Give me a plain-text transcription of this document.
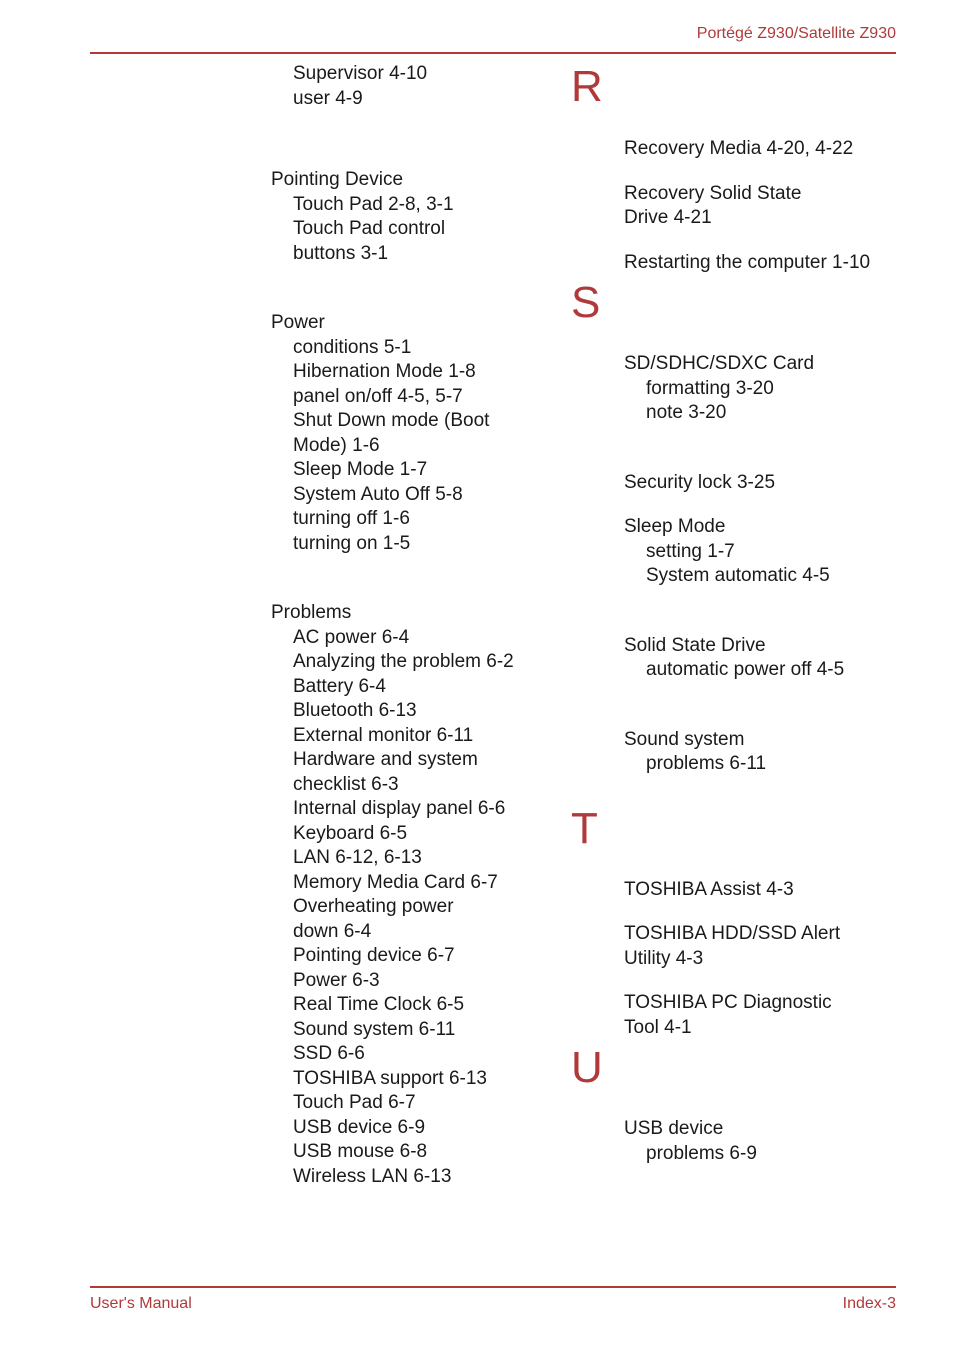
Portégé Z930/Satellite Z930
Supervisor 4-10
user 4-9
Pointing Device
Touch Pad 2-8, 3-1
Touch Pad control
buttons 3-1
Power
conditions 5-1
Hibernation Mode 1-8
panel on/off 4-5, 5-7
Shut Down mode (Boot
Mode) 1-6
Sleep Mode 1-7
System Auto Off 5-8
turning off 1-6
turning on 1-5
Problems
AC power 6-4
Analyzing the problem 6-2
Battery 6-4
Bluetooth 6-13
External monitor 6-11
Hardware and system
checklist 6-3
Internal display panel 6-6
Keyboard 6-5
LAN 6-12, 6-13
Memory Media Card 6-7
Overheating power
down 6-4
Pointing device 6-7
Power 6-3
Real Time Clock 6-5
Sound system 6-11
SSD 6-6
TOSHIBA support 6-13
Touch Pad 6-7
USB device 6-9
USB mouse 6-8
Wireless LAN 6-13
R
Recovery Media 4-20, 4-22
Recovery Solid State
Drive 4-21
Restarting the computer 1-10
S
SD/SDHC/SDXC Card
formatting 3-20
note 3-20
Security lock 3-25
Sleep Mode
setting 1-7
System automatic 4-5
Solid State Drive
automatic power off 4-5
Sound system
problems 6-11
T
TOSHIBA Assist 4-3
TOSHIBA HDD/SSD Alert
Utility 4-3
TOSHIBA PC Diagnostic
Tool 4-1
U
USB device
problems 6-9
User's Manual	Index-3
